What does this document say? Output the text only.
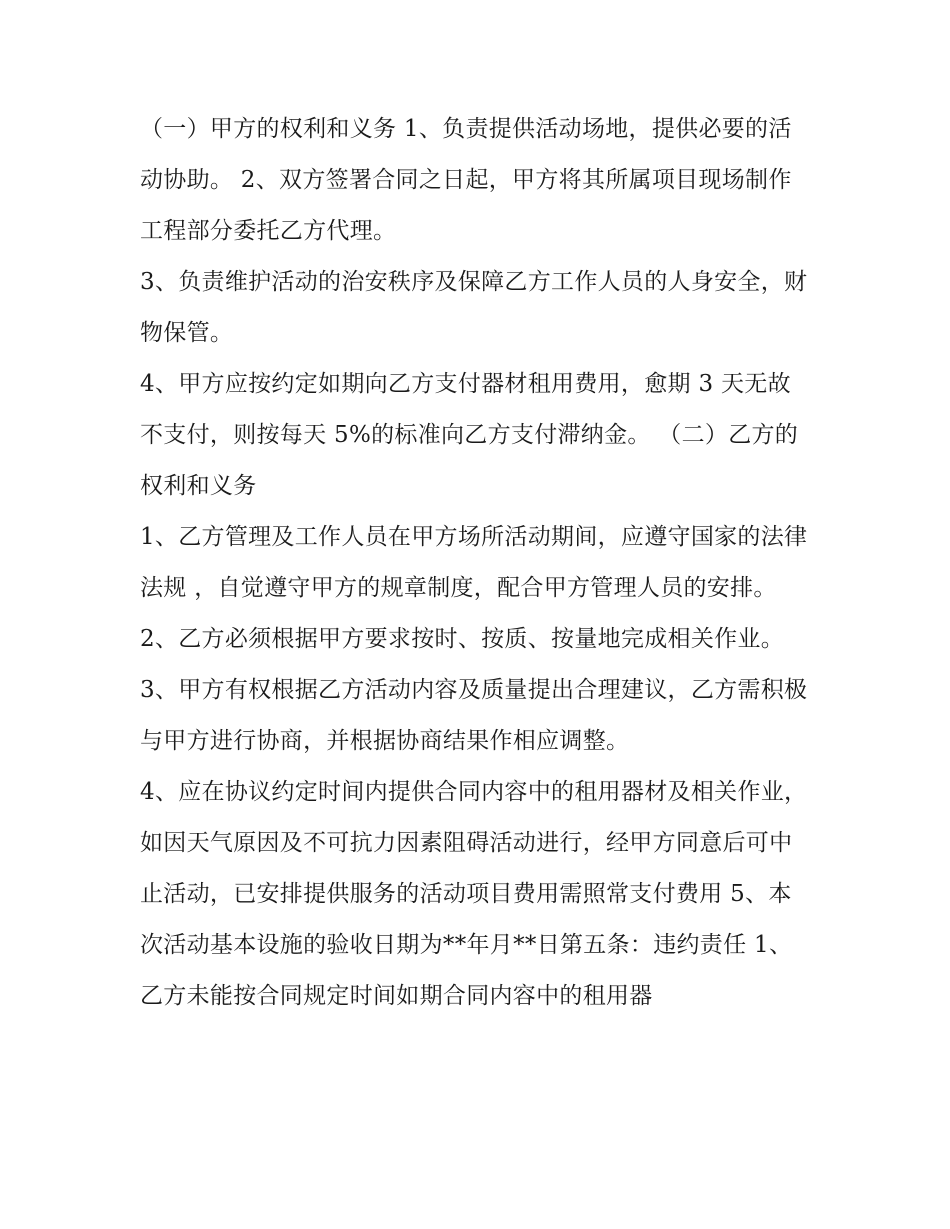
（一）甲方的权利和义务 1、负责提供活动场地，提供必要的活动协助。 2、双方签署合同之日起，甲方将其所属项目现场制作工程部分委托乙方代理。

3、负责维护活动的治安秩序及保障乙方工作人员的人身安全，财物保管。

4、甲方应按约定如期向乙方支付器材租用费用，愈期 3 天无故不支付，则按每天 5%的标准向乙方支付滞纳金。 （二）乙方的权利和义务

1、乙方管理及工作人员在甲方场所活动期间，应遵守国家的法律法规 ，自觉遵守甲方的规章制度，配合甲方管理人员的安排。

2、乙方必须根据甲方要求按时、按质、按量地完成相关作业。

3、甲方有权根据乙方活动内容及质量提出合理建议，乙方需积极与甲方进行协商，并根据协商结果作相应调整。

4、应在协议约定时间内提供合同内容中的租用器材及相关作业，如因天气原因及不可抗力因素阻碍活动进行，经甲方同意后可中止活动，已安排提供服务的活动项目费用需照常支付费用 5、本次活动基本设施的验收日期为**年月**日第五条：违约责任 1、乙方未能按合同规定时间如期合同内容中的租用器
